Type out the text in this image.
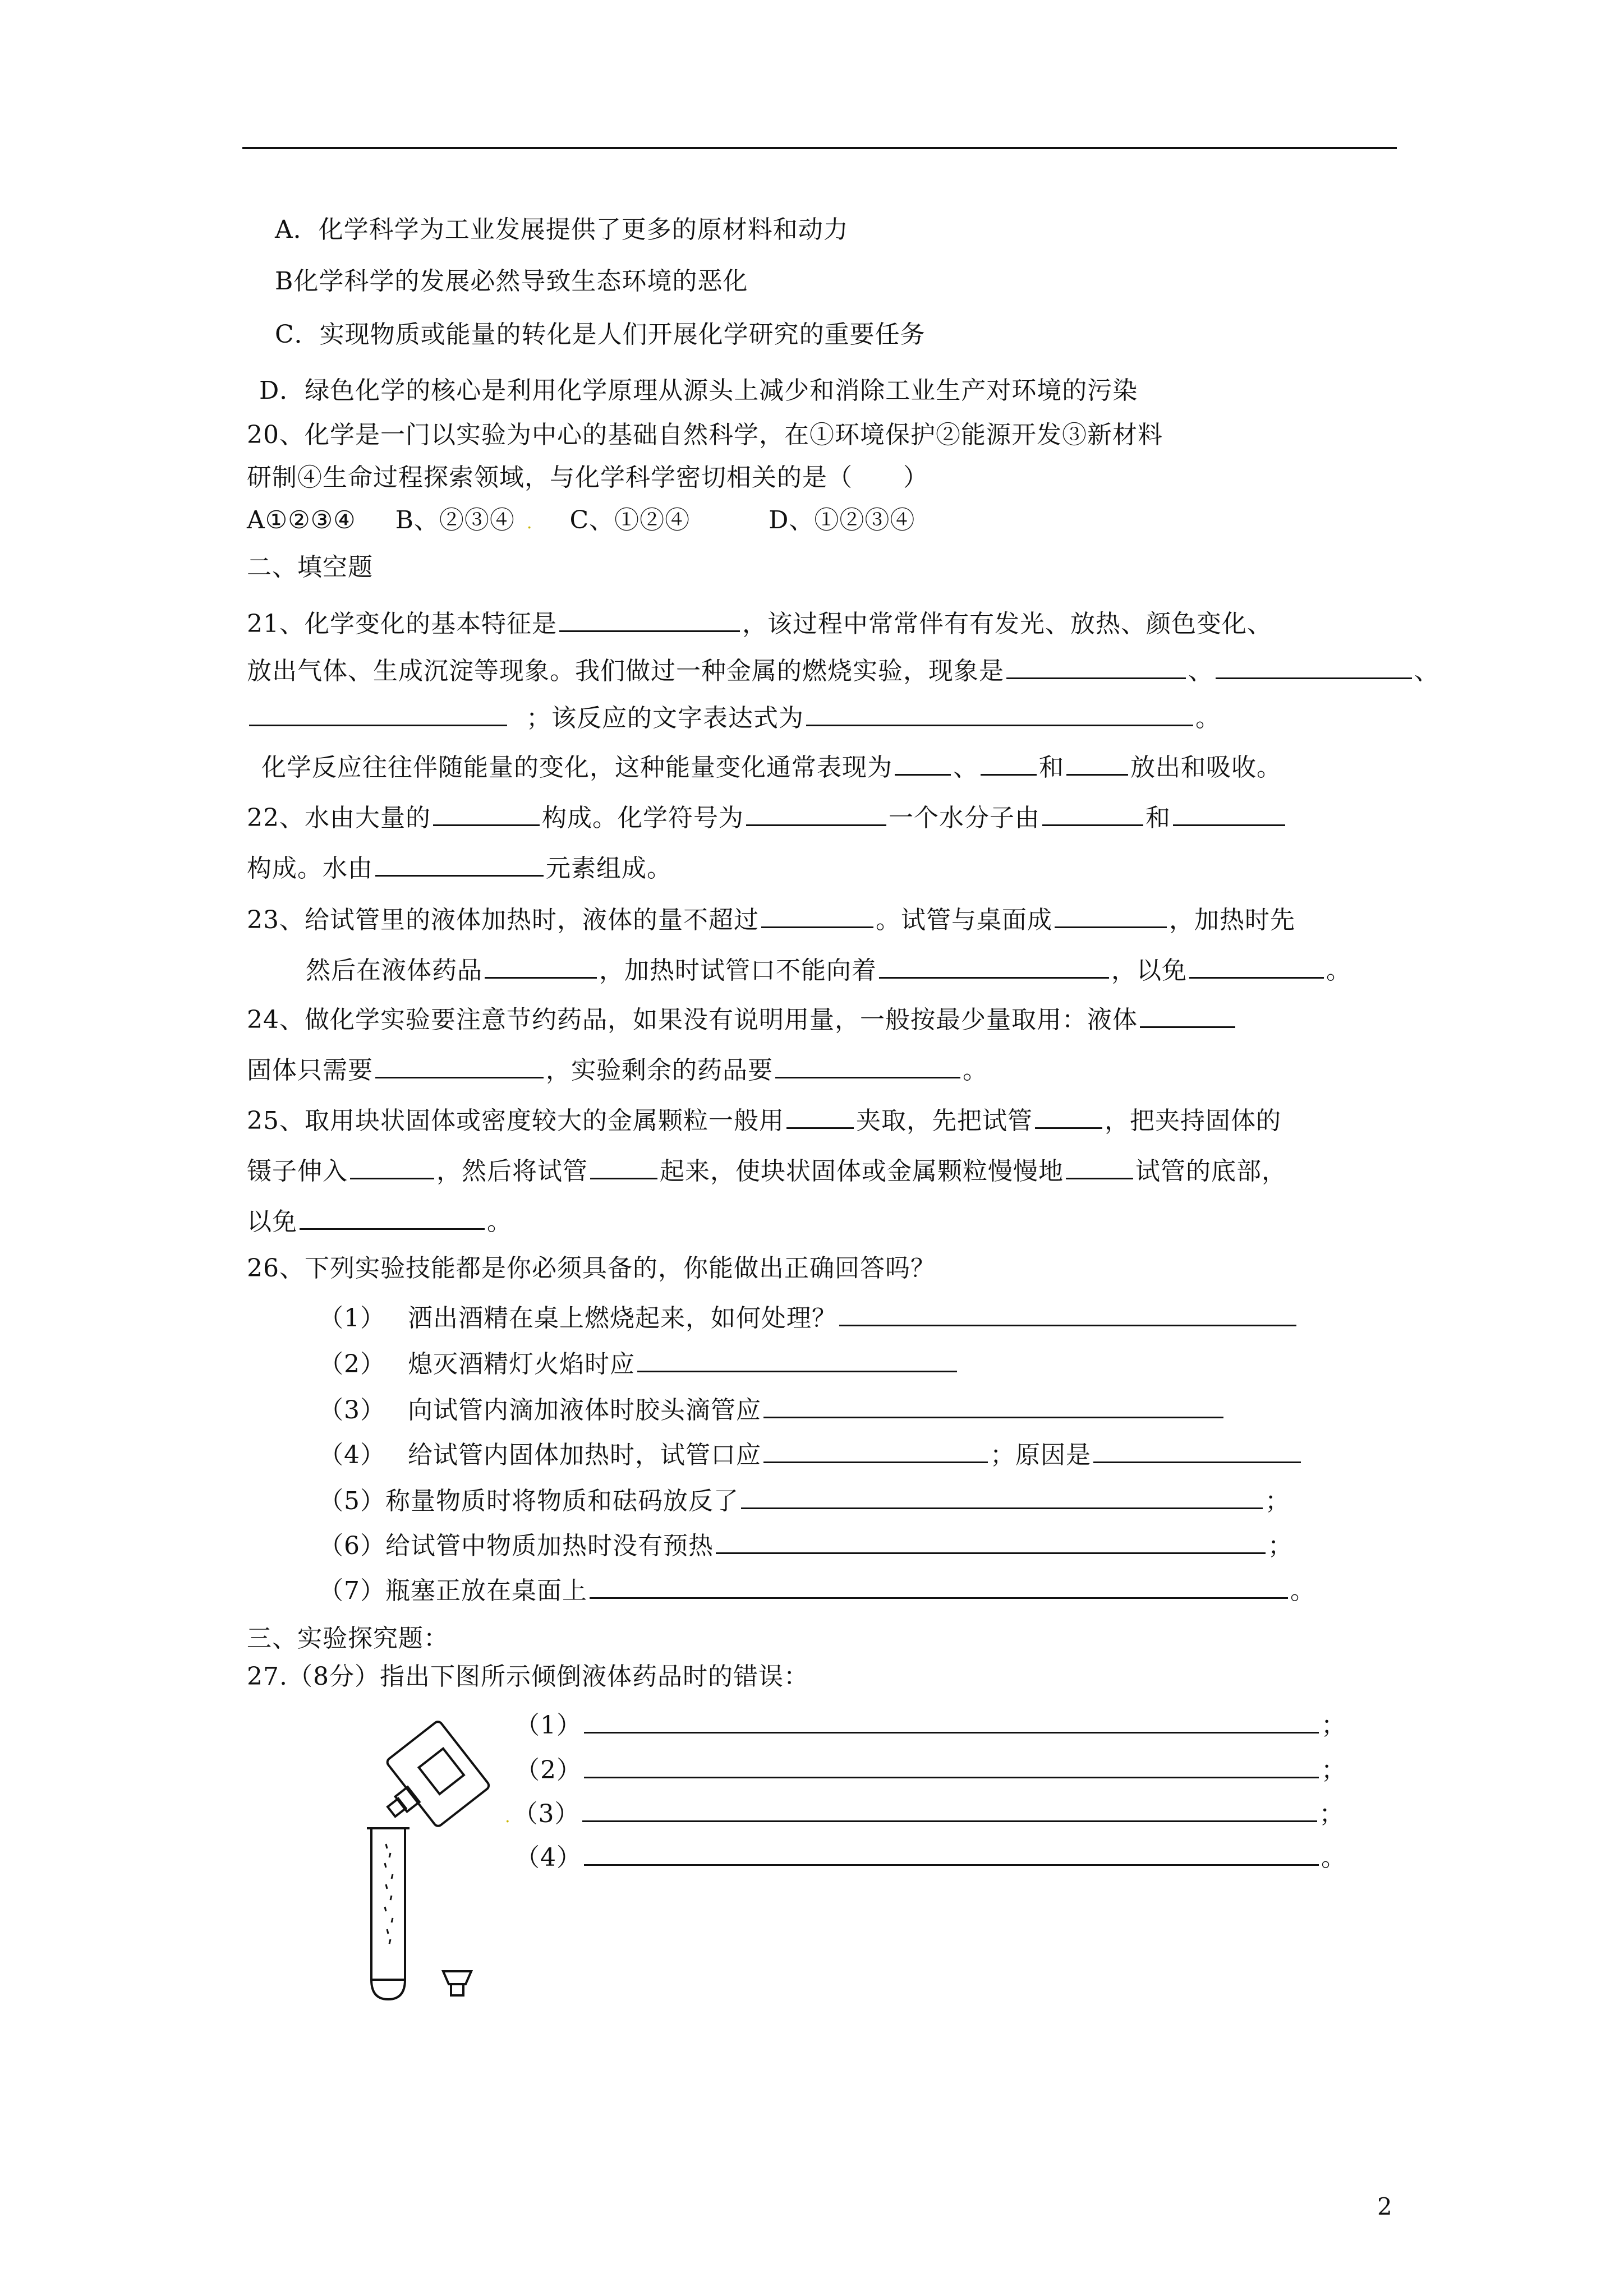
A．化学科学为工业发展提供了更多的原材料和动力
B化学科学的发展必然导致生态环境的恶化
C．实现物质或能量的转化是人们开展化学研究的重要任务
D．绿色化学的核心是利用化学原理从源头上减少和消除工业生产对环境的污染
20、化学是一门以实验为中心的基础自然科学，在①环境保护②能源开发③新材料
研制④生命过程探索领域，与化学科学密切相关的是（　　）
A①②③④ B、②③④ . C、①②④	D、①②③④
二、填空题
21、化学变化的基本特征是	，该过程中常常伴有有发光、放热、颜色变化、
放出气体、生成沉淀等现象。我们做过一种金属的燃烧实验，现象是	、	、
；该反应的文字表达式为	。
化学反应往往伴随能量的变化，这种能量变化通常表现为 、 和	放出和吸收。
22、水由大量的	构成。化学符号为	一个水分子由	和
构成。水由	元素组成。
23、给试管里的液体加热时，液体的量不超过	。试管与桌面成	，加热时先
然后在液体药品	，加热时试管口不能向着	，以免	。
24、做化学实验要注意节约药品，如果没有说明用量，一般按最少量取用：液体
固体只需要	，实验剩余的药品要	。
25、取用块状固体或密度较大的金属颗粒一般用	夹取，先把试管	，把夹持固体的
镊子伸入	，然后将试管	起来，使块状固体或金属颗粒慢慢地	试管的底部，
以免	。
26、下列实验技能都是你必须具备的，你能做出正确回答吗？
（1） 洒出酒精在桌上燃烧起来，如何处理？
（2） 熄灭酒精灯火焰时应
（3） 向试管内滴加液体时胶头滴管应
（4） 给试管内固体加热时，试管口应	；原因是
（5）称量物质时将物质和砝码放反了	；
（6）给试管中物质加热时没有预热	；
（7）瓶塞正放在桌面上	。
三、实验探究题：
27.（8分）指出下图所示倾倒液体药品时的错误：
（1）	；
（2）	；
.（3）	；
（4）	。
2
